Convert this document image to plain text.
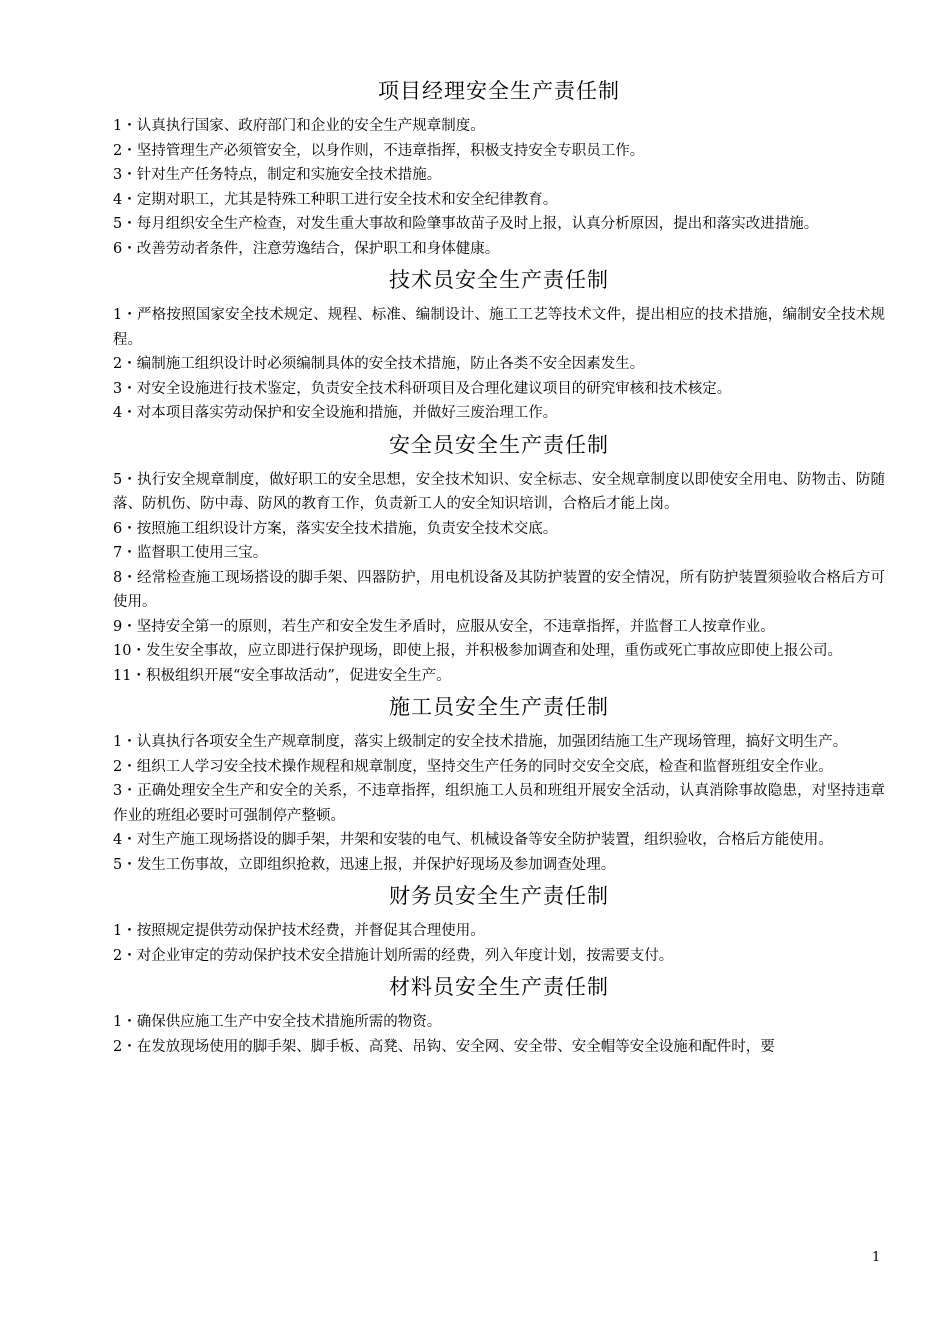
项目经理安全生产责任制

1・认真执行国家、政府部门和企业的安全生产规章制度。

2・坚持管理生产必须管安全，以身作则，不违章指挥，积极支持安全专职员工作。

3・针对生产任务特点，制定和实施安全技术措施。

4・定期对职工，尤其是特殊工种职工进行安全技术和安全纪律教育。

5・每月组织安全生产检查，对发生重大事故和险肇事故苗子及时上报，认真分析原因，提出和落实改进措施。

6・改善劳动者条件，注意劳逸结合，保护职工和身体健康。

技术员安全生产责任制

1・严格按照国家安全技术规定、规程、标准、编制设计、施工工艺等技术文件，提出相应的技术措施，编制安全技术规程。

2・编制施工组织设计时必须编制具体的安全技术措施，防止各类不安全因素发生。

3・对安全设施进行技术鉴定，负责安全技术科研项目及合理化建议项目的研究审核和技术核定。

4・对本项目落实劳动保护和安全设施和措施，并做好三废治理工作。

安全员安全生产责任制

5・执行安全规章制度，做好职工的安全思想，安全技术知识、安全标志、安全规章制度以即使安全用电、防物击、防随落、防机伤、防中毒、防风的教育工作，负责新工人的安全知识培训，合格后才能上岗。

6・按照施工组织设计方案，落实安全技术措施，负责安全技术交底。

7・监督职工使用三宝。

8・经常检查施工现场搭设的脚手架、四器防护，用电机设备及其防护装置的安全情况，所有防护装置须验收合格后方可使用。

9・坚持安全第一的原则，若生产和安全发生矛盾时，应服从安全，不违章指挥，并监督工人按章作业。

10・发生安全事故，应立即进行保护现场，即使上报，并积极参加调查和处理，重伤或死亡事故应即使上报公司。

11・积极组织开展“安全事故活动”，促进安全生产。

施工员安全生产责任制

1・认真执行各项安全生产规章制度，落实上级制定的安全技术措施，加强团结施工生产现场管理，搞好文明生产。

2・组织工人学习安全技术操作规程和规章制度，坚持交生产任务的同时交安全交底，检查和监督班组安全作业。

3・正确处理安全生产和安全的关系，不违章指挥，组织施工人员和班组开展安全活动，认真消除事故隐患，对坚持违章作业的班组必要时可强制停产整顿。

4・对生产施工现场搭设的脚手架，井架和安装的电气、机械设备等安全防护装置，组织验收，合格后方能使用。

5・发生工伤事故，立即组织抢救，迅速上报，并保护好现场及参加调查处理。

财务员安全生产责任制

1・按照规定提供劳动保护技术经费，并督促其合理使用。

2・对企业审定的劳动保护技术安全措施计划所需的经费，列入年度计划，按需要支付。

材料员安全生产责任制

1・确保供应施工生产中安全技术措施所需的物资。

2・在发放现场使用的脚手架、脚手板、高凳、吊钩、安全网、安全带、安全帽等安全设施和配件时，要

1
